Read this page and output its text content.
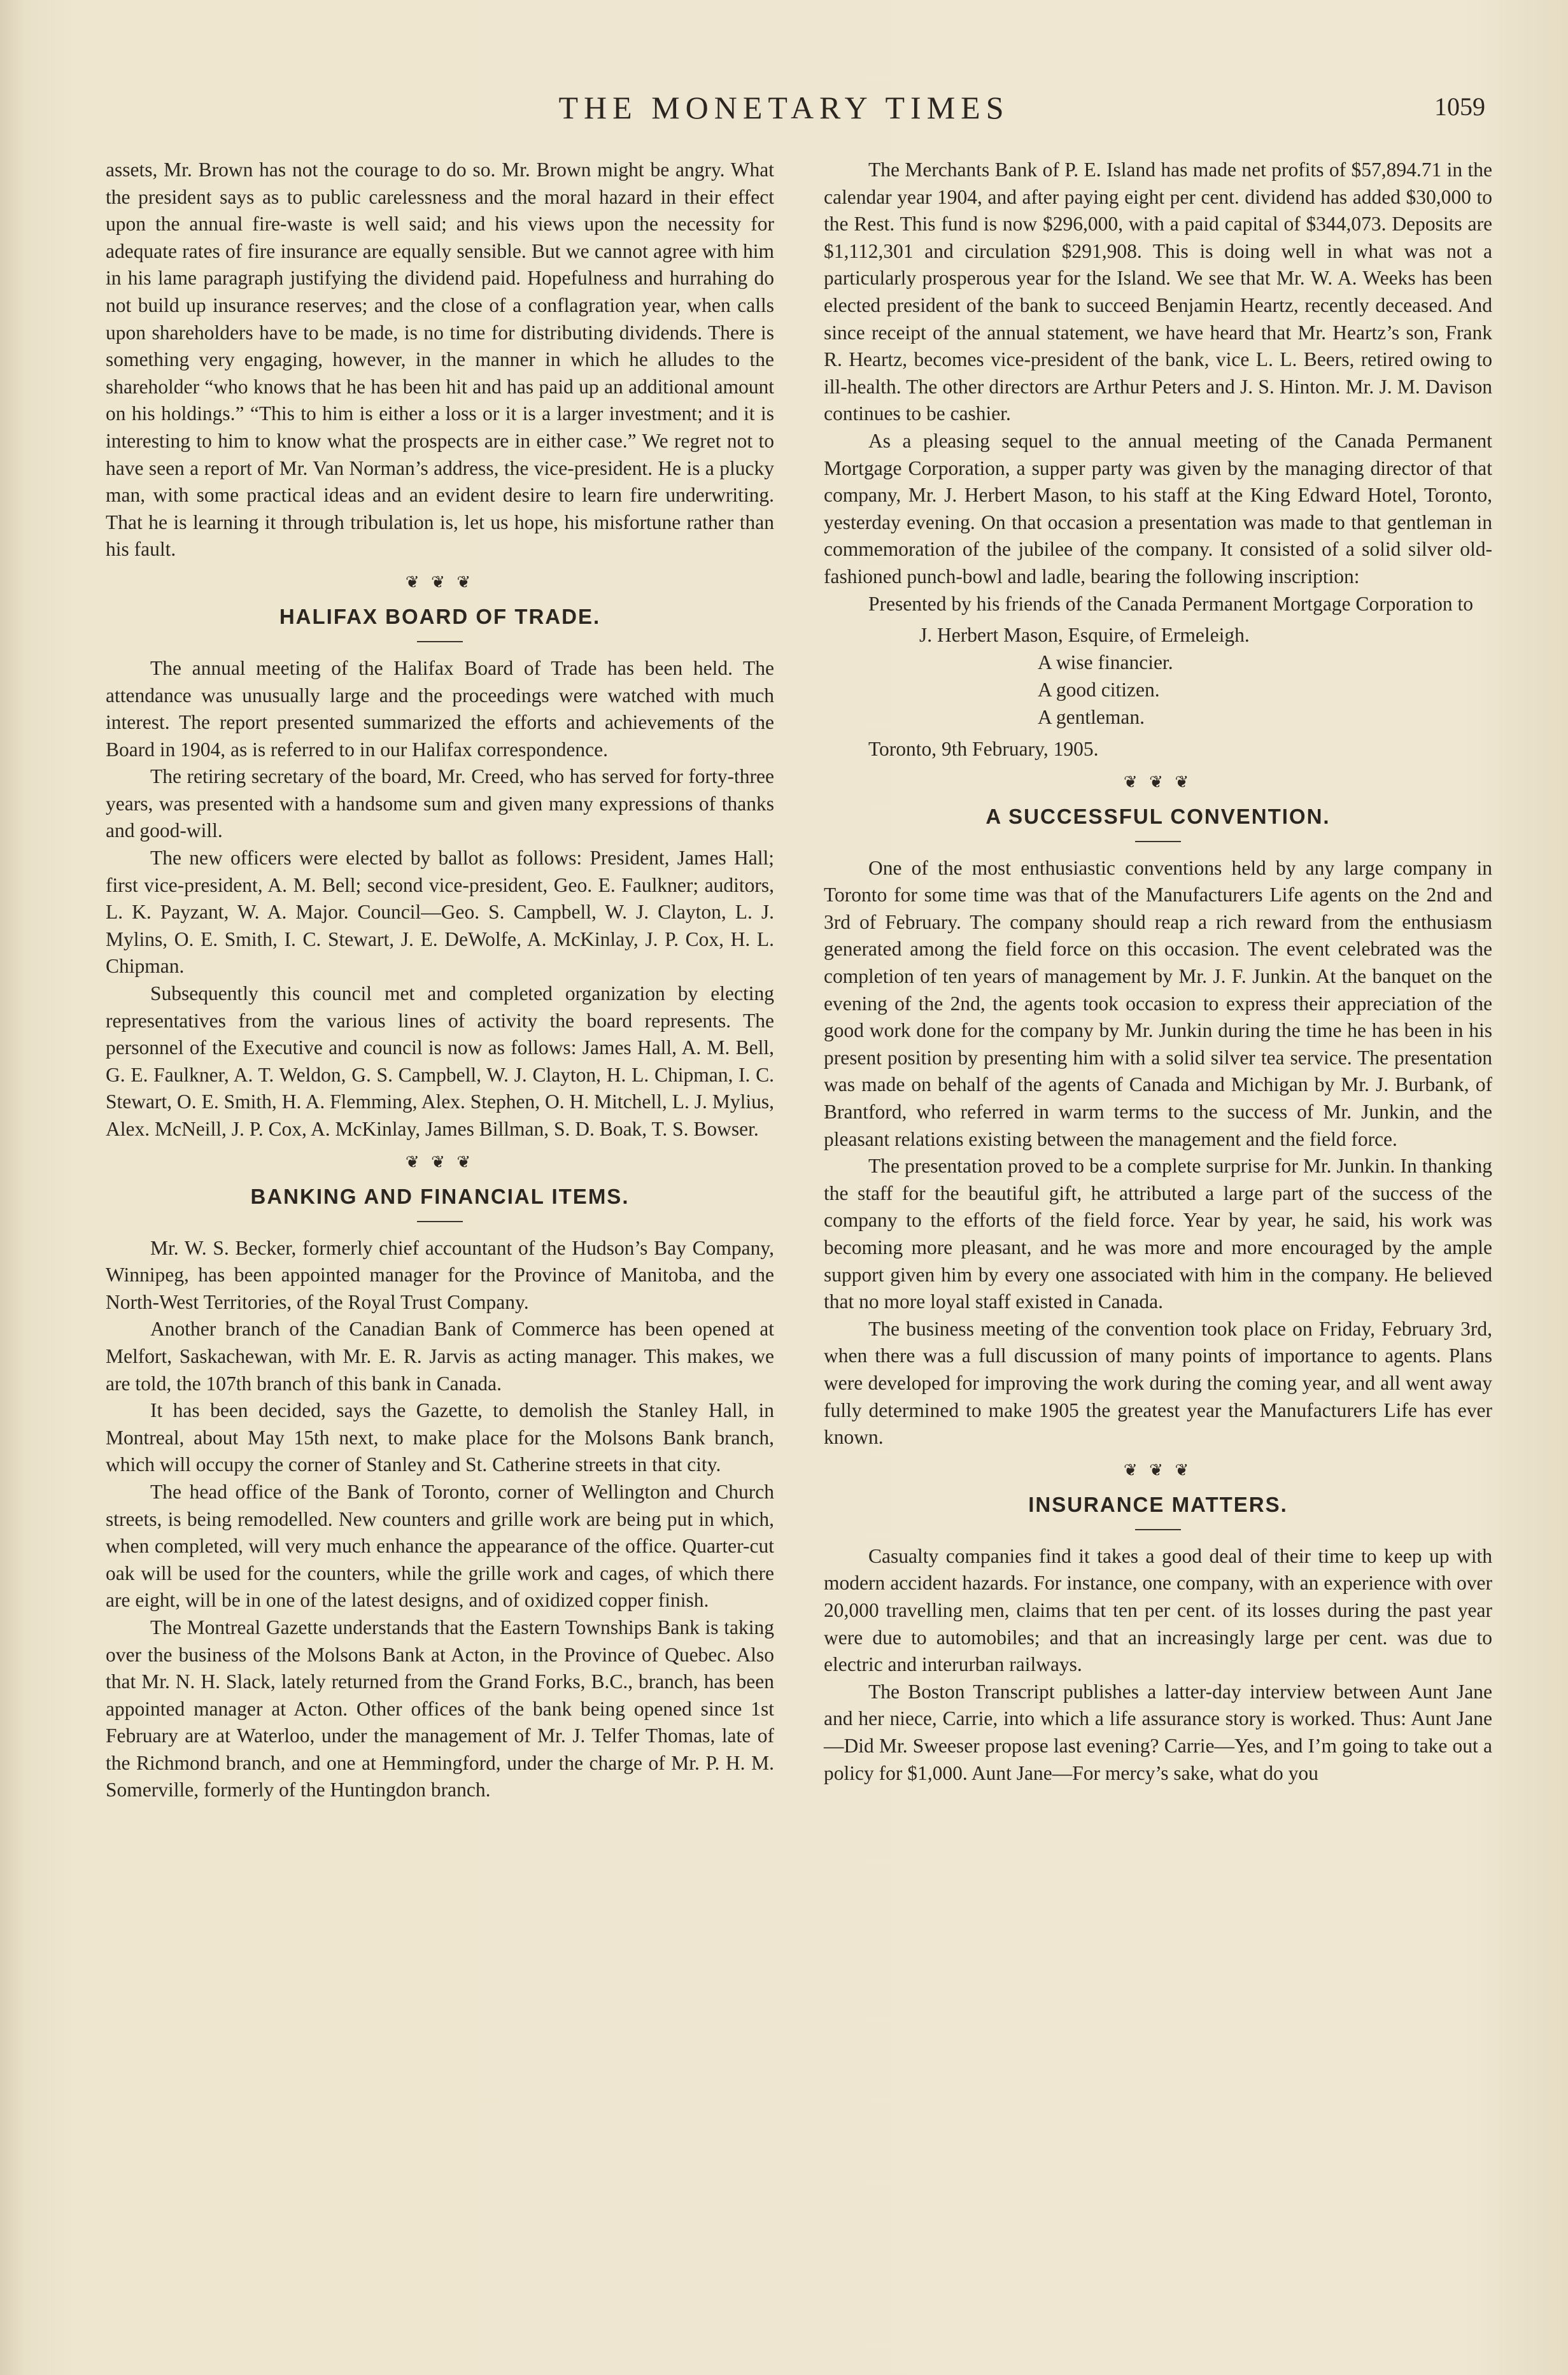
THE MONETARY TIMES	1059

assets, Mr. Brown has not the courage to do so. Mr. Brown might be angry. What the president says as to public carelessness and the moral hazard in their effect upon the annual fire-waste is well said; and his views upon the necessity for adequate rates of fire insurance are equally sensible. But we cannot agree with him in his lame paragraph justifying the dividend paid. Hopefulness and hurrahing do not build up insurance reserves; and the close of a conflagration year, when calls upon shareholders have to be made, is no time for distributing dividends. There is something very engaging, however, in the manner in which he alludes to the shareholder “who knows that he has been hit and has paid up an additional amount on his holdings.” “This to him is either a loss or it is a larger investment; and it is interesting to him to know what the prospects are in either case.” We regret not to have seen a report of Mr. Van Norman’s address, the vice-president. He is a plucky man, with some practical ideas and an evident desire to learn fire underwriting. That he is learning it through tribulation is, let us hope, his misfortune rather than his fault.

❦ ❦ ❦
HALIFAX BOARD OF TRADE.

The annual meeting of the Halifax Board of Trade has been held. The attendance was unusually large and the proceedings were watched with much interest. The report presented summarized the efforts and achievements of the Board in 1904, as is referred to in our Halifax correspondence.

The retiring secretary of the board, Mr. Creed, who has served for forty-three years, was presented with a handsome sum and given many expressions of thanks and good-will.

The new officers were elected by ballot as follows: President, James Hall; first vice-president, A. M. Bell; second vice-president, Geo. E. Faulkner; auditors, L. K. Payzant, W. A. Major. Council—Geo. S. Campbell, W. J. Clayton, L. J. Mylins, O. E. Smith, I. C. Stewart, J. E. DeWolfe, A. McKinlay, J. P. Cox, H. L. Chipman.

Subsequently this council met and completed organization by electing representatives from the various lines of activity the board represents. The personnel of the Executive and council is now as follows: James Hall, A. M. Bell, G. E. Faulkner, A. T. Weldon, G. S. Campbell, W. J. Clayton, H. L. Chipman, I. C. Stewart, O. E. Smith, H. A. Flemming, Alex. Stephen, O. H. Mitchell, L. J. Mylius, Alex. McNeill, J. P. Cox, A. McKinlay, James Billman, S. D. Boak, T. S. Bowser.

❦ ❦ ❦
BANKING AND FINANCIAL ITEMS.

Mr. W. S. Becker, formerly chief accountant of the Hudson’s Bay Company, Winnipeg, has been appointed manager for the Province of Manitoba, and the North-West Territories, of the Royal Trust Company.

Another branch of the Canadian Bank of Commerce has been opened at Melfort, Saskachewan, with Mr. E. R. Jarvis as acting manager. This makes, we are told, the 107th branch of this bank in Canada.

It has been decided, says the Gazette, to demolish the Stanley Hall, in Montreal, about May 15th next, to make place for the Molsons Bank branch, which will occupy the corner of Stanley and St. Catherine streets in that city.

The head office of the Bank of Toronto, corner of Wellington and Church streets, is being remodelled. New counters and grille work are being put in which, when completed, will very much enhance the appearance of the office. Quarter-cut oak will be used for the counters, while the grille work and cages, of which there are eight, will be in one of the latest designs, and of oxidized copper finish.

The Montreal Gazette understands that the Eastern Townships Bank is taking over the business of the Molsons Bank at Acton, in the Province of Quebec. Also that Mr. N. H. Slack, lately returned from the Grand Forks, B.C., branch, has been appointed manager at Acton. Other offices of the bank being opened since 1st February are at Waterloo, under the management of Mr. J. Telfer Thomas, late of the Richmond branch, and one at Hemmingford, under the charge of Mr. P. H. M. Somerville, formerly of the Huntingdon branch.

The Merchants Bank of P. E. Island has made net profits of $57,894.71 in the calendar year 1904, and after paying eight per cent. dividend has added $30,000 to the Rest. This fund is now $296,000, with a paid capital of $344,073. Deposits are $1,112,301 and circulation $291,908. This is doing well in what was not a particularly prosperous year for the Island. We see that Mr. W. A. Weeks has been elected president of the bank to succeed Benjamin Heartz, recently deceased. And since receipt of the annual statement, we have heard that Mr. Heartz’s son, Frank R. Heartz, becomes vice-president of the bank, vice L. L. Beers, retired owing to ill-health. The other directors are Arthur Peters and J. S. Hinton. Mr. J. M. Davison continues to be cashier.

As a pleasing sequel to the annual meeting of the Canada Permanent Mortgage Corporation, a supper party was given by the managing director of that company, Mr. J. Herbert Mason, to his staff at the King Edward Hotel, Toronto, yesterday evening. On that occasion a presentation was made to that gentleman in commemoration of the jubilee of the company. It consisted of a solid silver old-fashioned punch-bowl and ladle, bearing the following inscription:

Presented by his friends of the Canada Permanent Mortgage Corporation to

J. Herbert Mason, Esquire, of Ermeleigh.
A wise financier.
A good citizen.
A gentleman.
Toronto, 9th February, 1905.
❦ ❦ ❦
A SUCCESSFUL CONVENTION.

One of the most enthusiastic conventions held by any large company in Toronto for some time was that of the Manufacturers Life agents on the 2nd and 3rd of February. The company should reap a rich reward from the enthusiasm generated among the field force on this occasion. The event celebrated was the completion of ten years of management by Mr. J. F. Junkin. At the banquet on the evening of the 2nd, the agents took occasion to express their appreciation of the good work done for the company by Mr. Junkin during the time he has been in his present position by presenting him with a solid silver tea service. The presentation was made on behalf of the agents of Canada and Michigan by Mr. J. Burbank, of Brantford, who referred in warm terms to the success of Mr. Junkin, and the pleasant relations existing between the management and the field force.

The presentation proved to be a complete surprise for Mr. Junkin. In thanking the staff for the beautiful gift, he attributed a large part of the success of the company to the efforts of the field force. Year by year, he said, his work was becoming more pleasant, and he was more and more encouraged by the ample support given him by every one associated with him in the company. He believed that no more loyal staff existed in Canada.

The business meeting of the convention took place on Friday, February 3rd, when there was a full discussion of many points of importance to agents. Plans were developed for improving the work during the coming year, and all went away fully determined to make 1905 the greatest year the Manufacturers Life has ever known.

❦ ❦ ❦
INSURANCE MATTERS.

Casualty companies find it takes a good deal of their time to keep up with modern accident hazards. For instance, one company, with an experience with over 20,000 travelling men, claims that ten per cent. of its losses during the past year were due to automobiles; and that an increasingly large per cent. was due to electric and interurban railways.

The Boston Transcript publishes a latter-day interview between Aunt Jane and her niece, Carrie, into which a life assurance story is worked. Thus: Aunt Jane—Did Mr. Sweeser propose last evening? Carrie—Yes, and I’m going to take out a policy for $1,000. Aunt Jane—For mercy’s sake, what do you
